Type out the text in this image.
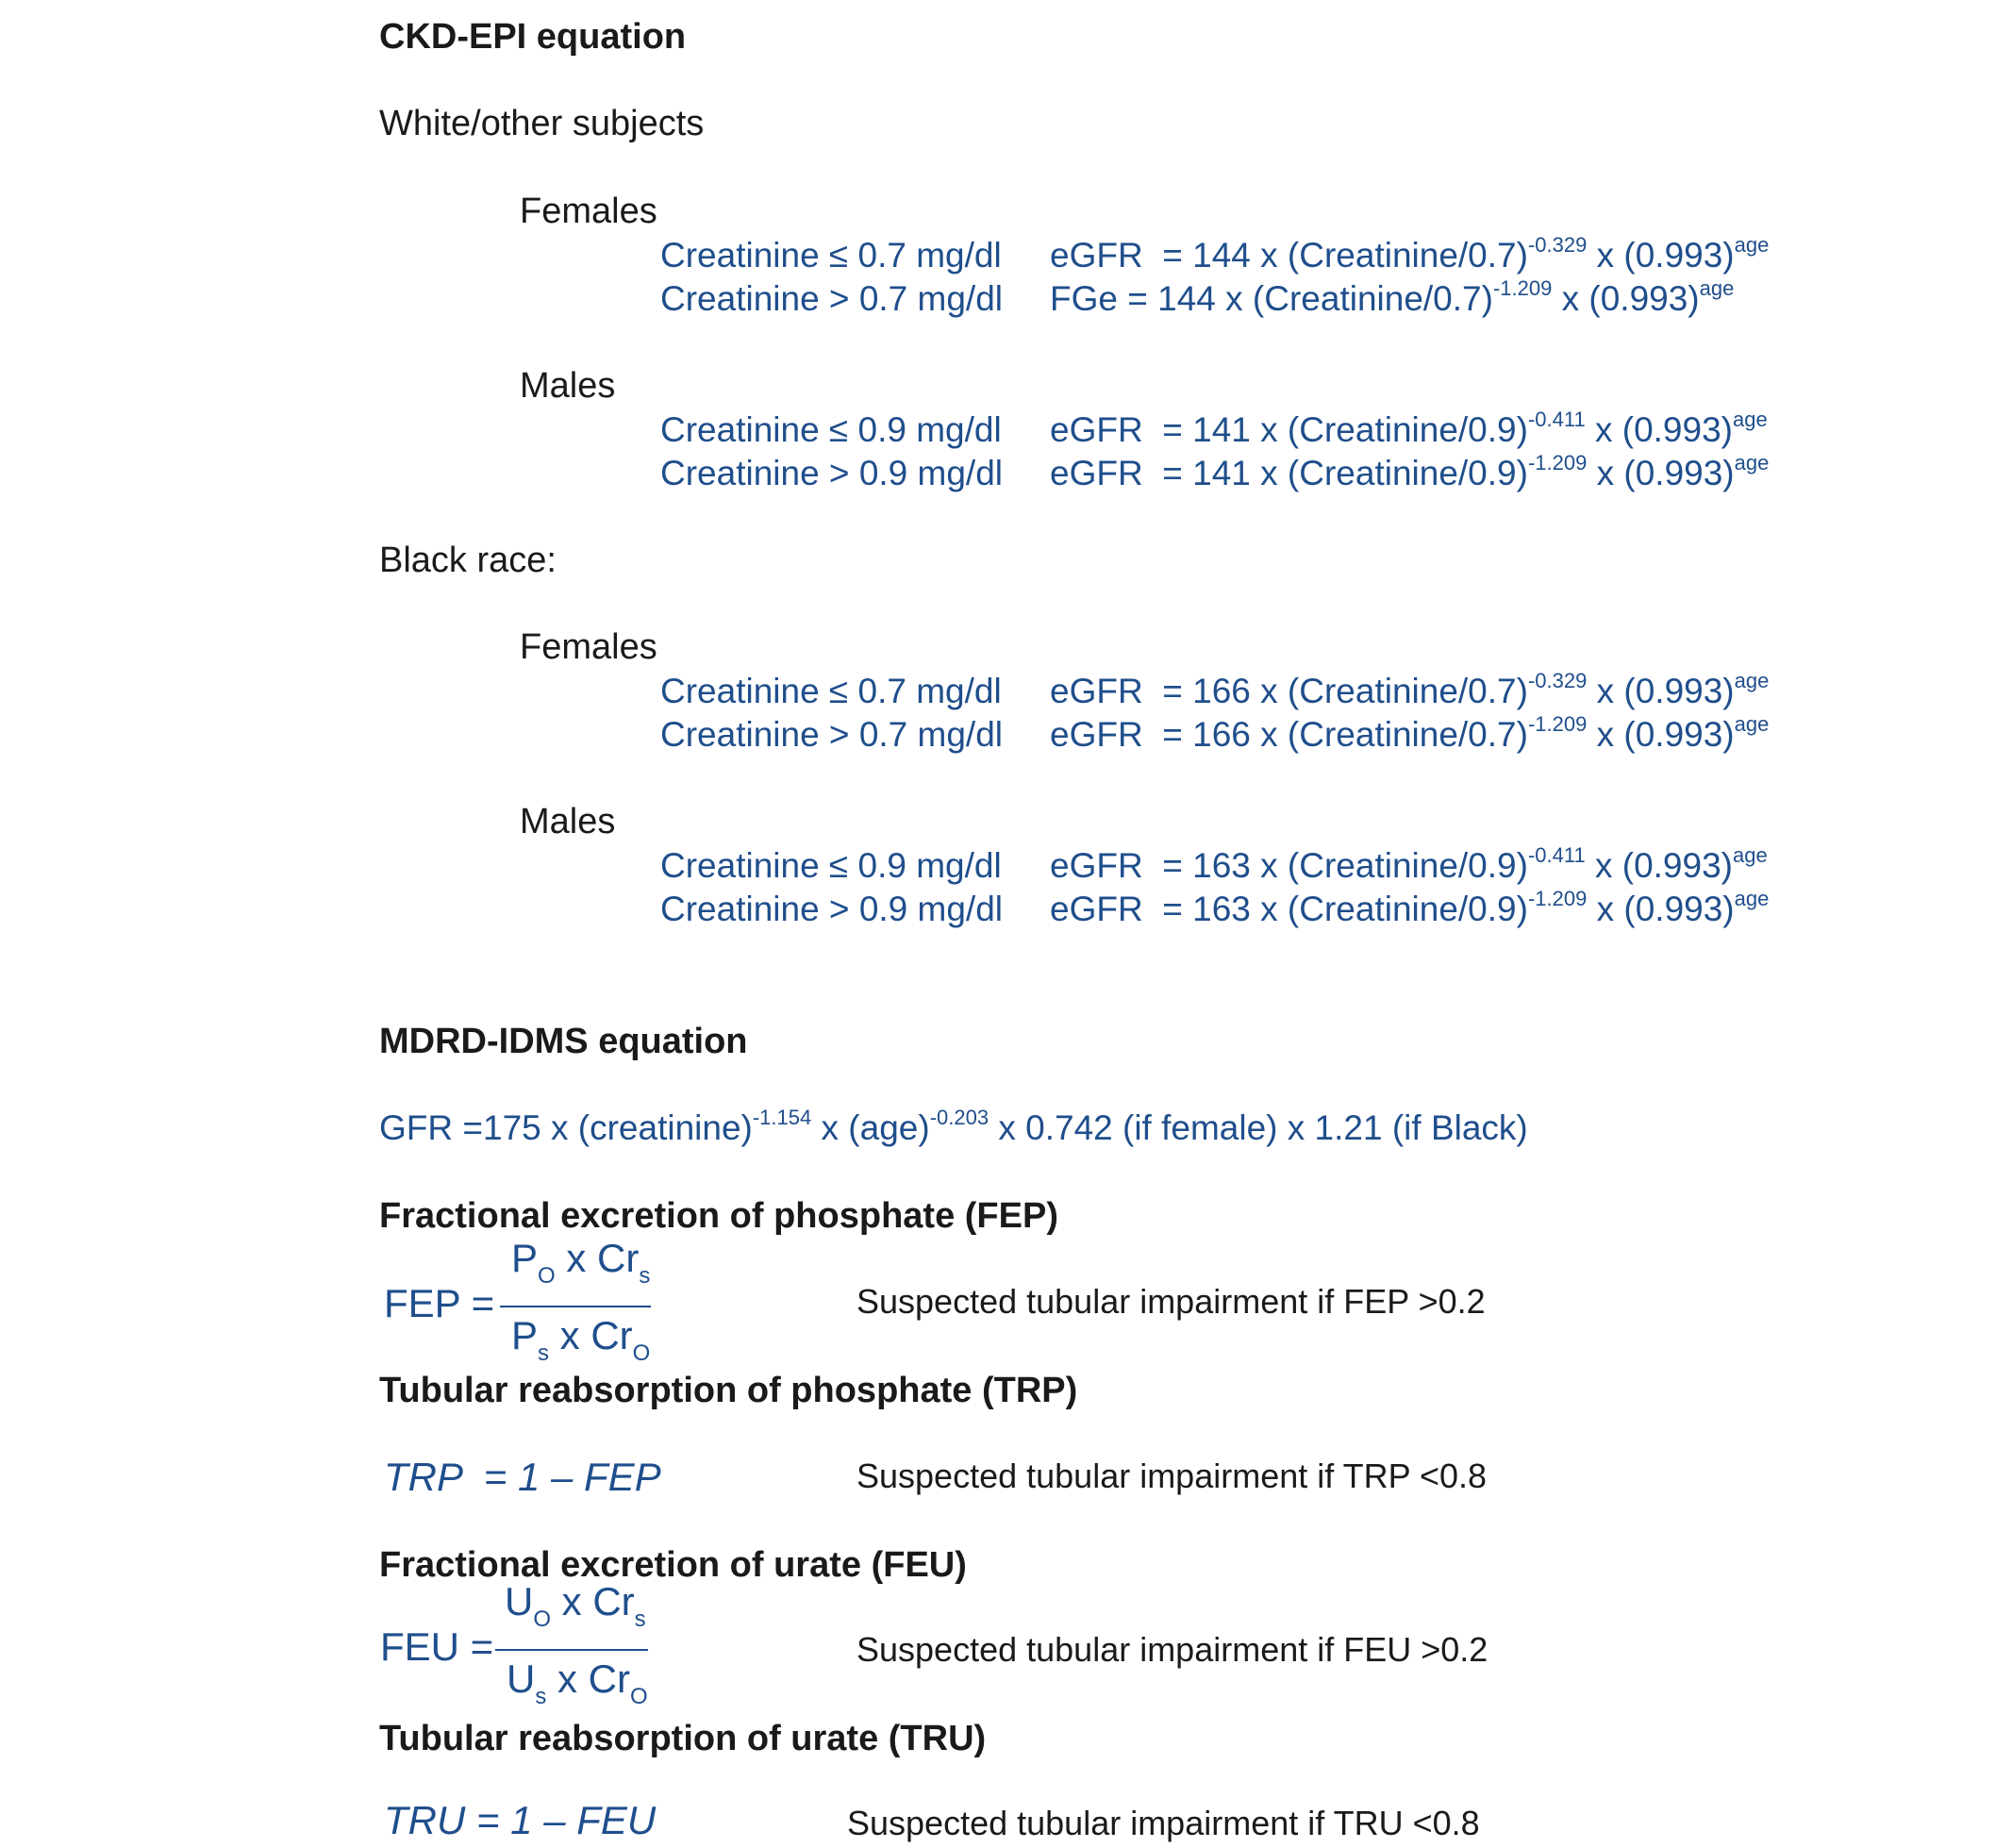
CKD-EPI equation
White/other subjects
Females
Creatinine ≤ 0.7 mg/dl eGFR = 144 x (Creatinine/0.7)$^{-0.329}$ x $(0.993)^{age}$
Creatinine > 0.7 mg/dl FGe = 144 x (Creatinine/0.7)$^{-1.209}$ x $(0.993)^{age}$
Males
Creatinine ≤ 0.9 mg/dl eGFR = 141 x (Creatinine/0.9)$^{-0.411}$ x $(0.993)^{age}$
Creatinine > 0.9 mg/dl eGFR = 141 x (Creatinine/0.9)$^{-1.209}$ x $(0.993)^{age}$
Black race:
Females
Creatinine ≤ 0.7 mg/dl eGFR = 166 x (Creatinine/0.7)$^{-0.329}$ x $(0.993)^{age}$
Creatinine > 0.7 mg/dl eGFR = 166 x (Creatinine/0.7)$^{-1.209}$ x $(0.993)^{age}$
Males
Creatinine ≤ 0.9 mg/dl eGFR = 163 x (Creatinine/0.9)$^{-0.411}$ x $(0.993)^{age}$
Creatinine > 0.9 mg/dl eGFR = 163 x (Creatinine/0.9)$^{-1.209}$ x $(0.993)^{age}$
MDRD-IDMS equation
GFR =175 x (creatinine)$^{-1.154}$ x (age)$^{-0.203}$ x 0.742 (if female) x 1.21 (if Black)
Fractional excretion of phosphate (FEP)
FEP =
$P_O$ x $Cr_s$
$P_s$ x $Cr_O$
Suspected tubular impairment if FEP >0.2
Tubular reabsorption of phosphate (TRP)
TRP  = 1 – FEP	Suspected tubular impairment if TRP <0.8
Fractional excretion of urate (FEU)
FEU =
$U_O$ x $Cr_s$
$U_s$ x $Cr_O$
Suspected tubular impairment if FEU >0.2
Tubular reabsorption of urate (TRU)
TRU = 1 – FEU	Suspected tubular impairment if TRU <0.8
